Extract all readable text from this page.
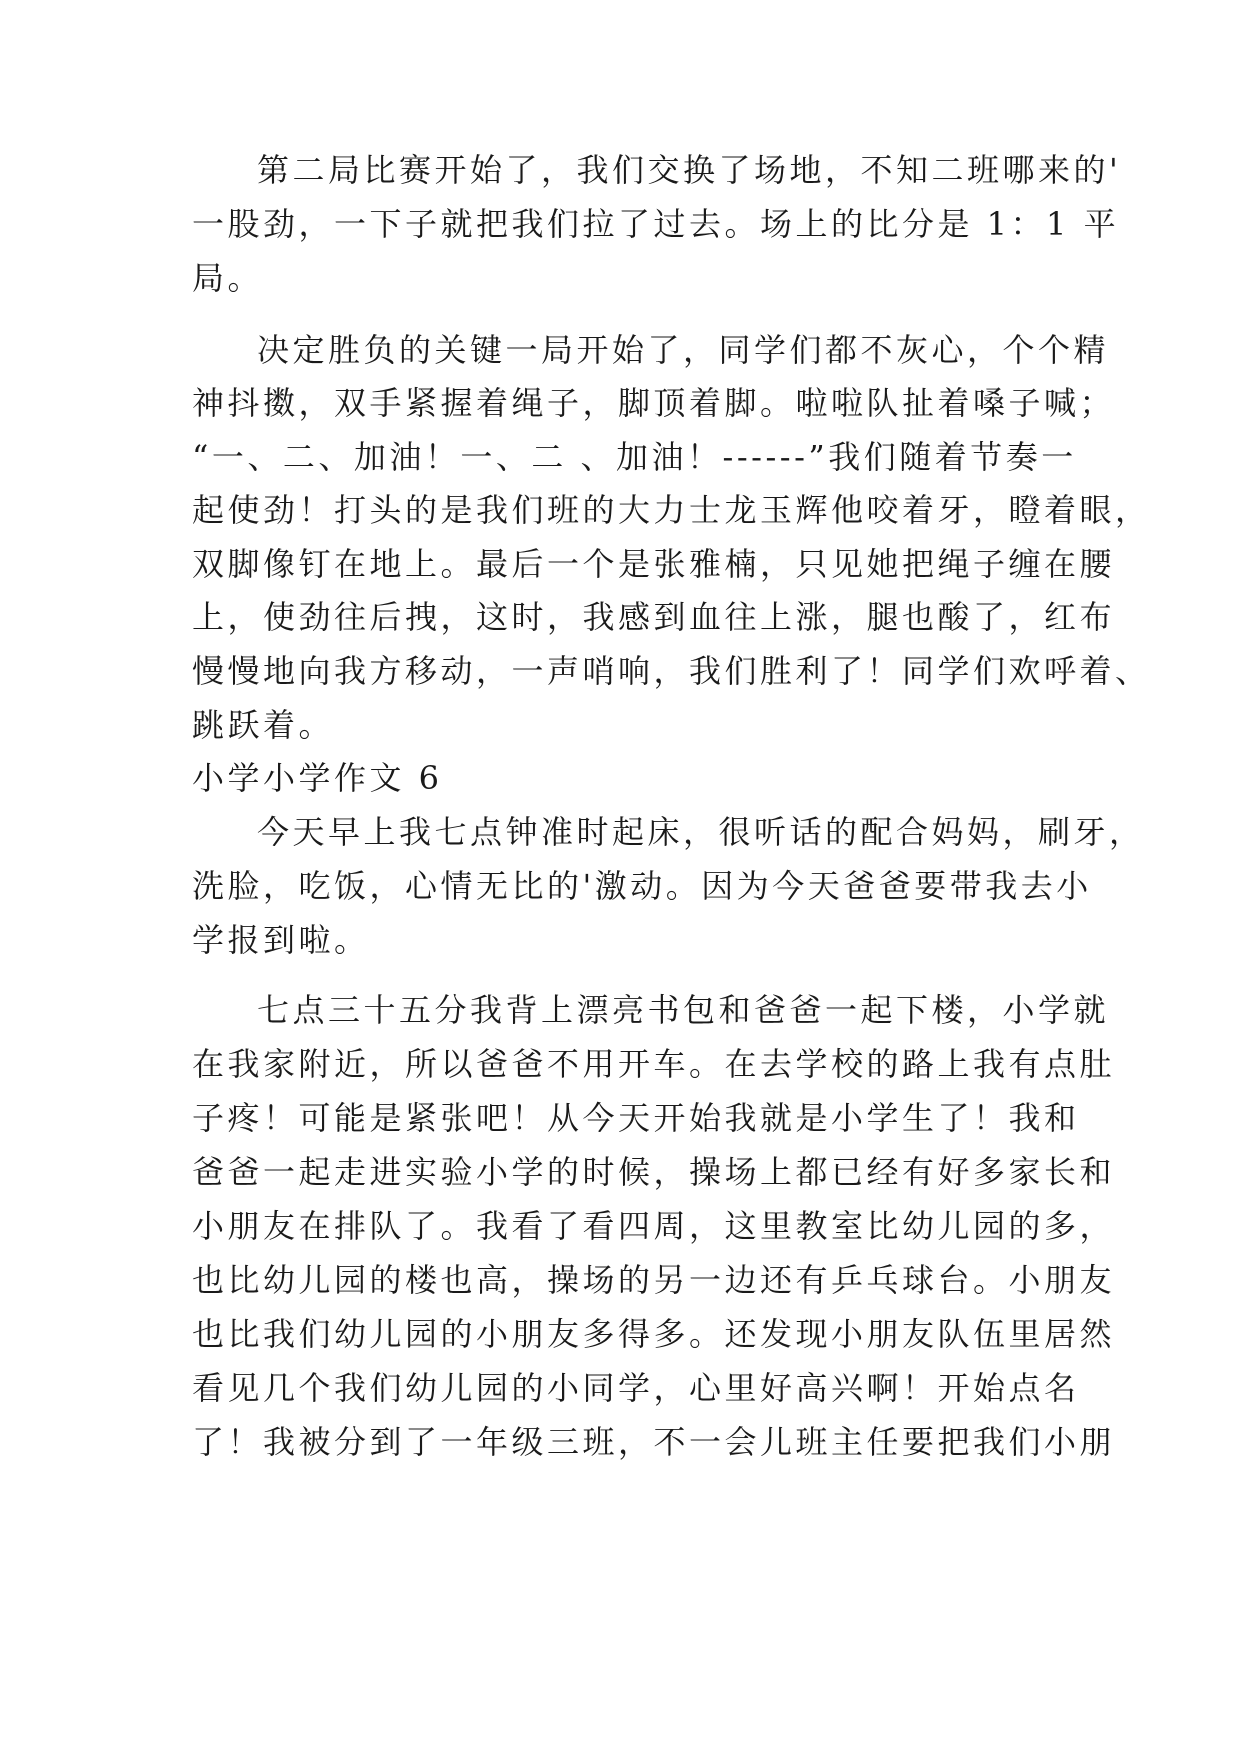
第二局比赛开始了，我们交换了场地，不知二班哪来的'
一股劲，一下子就把我们拉了过去。场上的比分是 1：1 平
局。
决定胜负的关键一局开始了，同学们都不灰心，个个精
神抖擞，双手紧握着绳子，脚顶着脚。啦啦队扯着嗓子喊；
“一、二、加油！一、二 、加油！------”我们随着节奏一
起使劲！打头的是我们班的大力士龙玉辉他咬着牙，瞪着眼，
双脚像钉在地上。最后一个是张雅楠，只见她把绳子缠在腰
上，使劲往后拽，这时，我感到血往上涨，腿也酸了，红布
慢慢地向我方移动，一声哨响，我们胜利了！同学们欢呼着、
跳跃着。
小学小学作文 6
今天早上我七点钟准时起床，很听话的配合妈妈，刷牙，
洗脸，吃饭，心情无比的'激动。因为今天爸爸要带我去小
学报到啦。
七点三十五分我背上漂亮书包和爸爸一起下楼，小学就
在我家附近，所以爸爸不用开车。在去学校的路上我有点肚
子疼！可能是紧张吧！从今天开始我就是小学生了！我和
爸爸一起走进实验小学的时候，操场上都已经有好多家长和
小朋友在排队了。我看了看四周，这里教室比幼儿园的多，
也比幼儿园的楼也高，操场的另一边还有乒乓球台。小朋友
也比我们幼儿园的小朋友多得多。还发现小朋友队伍里居然
看见几个我们幼儿园的小同学，心里好高兴啊！开始点名
了！我被分到了一年级三班，不一会儿班主任要把我们小朋
